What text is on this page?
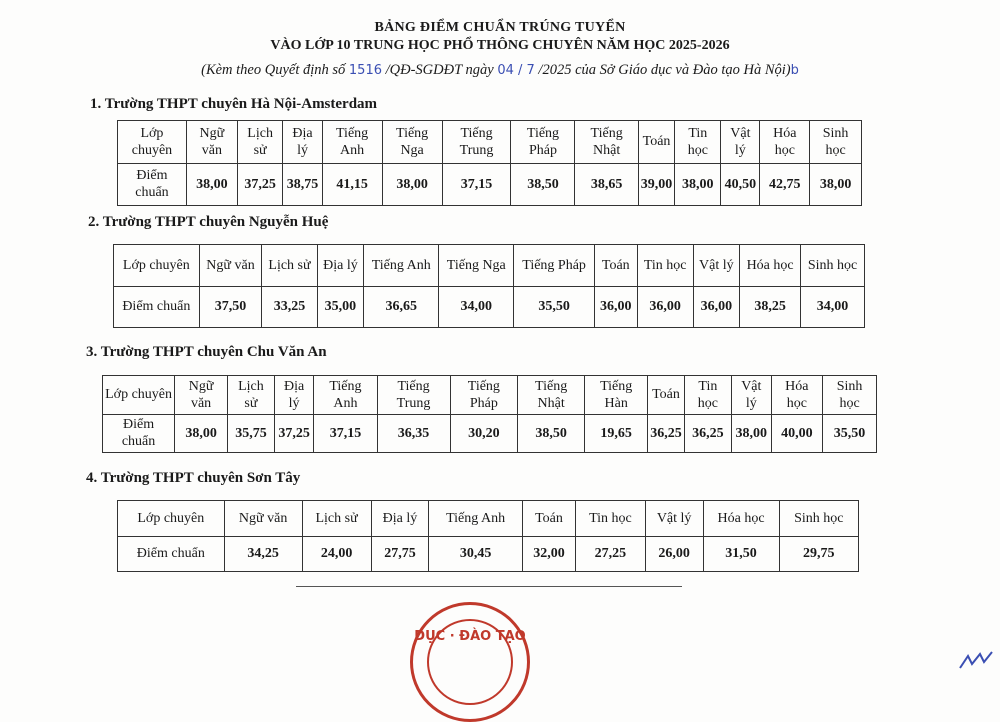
BẢNG ĐIỂM CHUẨN TRÚNG TUYỂN
VÀO LỚP 10 TRUNG HỌC PHỔ THÔNG CHUYÊN NĂM HỌC 2025-2026
(Kèm theo Quyết định số 1516 /QĐ-SGDĐT ngày 04 / 7 /2025 của Sở Giáo dục và Đào tạo Hà Nội)b
1. Trường THPT chuyên Hà Nội-Amsterdam
Lớp chuyên	Ngữ văn	Lịch sử	Địa lý	Tiếng Anh	Tiếng Nga	Tiếng Trung	Tiếng Pháp	Tiếng Nhật	Toán	Tin học	Vật lý	Hóa học	Sinh học
Điểm chuẩn	38,00	37,25	38,75	41,15	38,00	37,15	38,50	38,65	39,00	38,00	40,50	42,75	38,00
2. Trường THPT chuyên Nguyễn Huệ
Lớp chuyên	Ngữ văn	Lịch sử	Địa lý	Tiếng Anh	Tiếng Nga	Tiếng Pháp	Toán	Tin học	Vật lý	Hóa học	Sinh học
Điểm chuẩn	37,50	33,25	35,00	36,65	34,00	35,50	36,00	36,00	36,00	38,25	34,00
3. Trường THPT chuyên Chu Văn An
Lớp chuyên	Ngữ văn	Lịch sử	Địa lý	Tiếng Anh	Tiếng Trung	Tiếng Pháp	Tiếng Nhật	Tiếng Hàn	Toán	Tin học	Vật lý	Hóa học	Sinh học
Điểm chuẩn	38,00	35,75	37,25	37,15	36,35	30,20	38,50	19,65	36,25	36,25	38,00	40,00	35,50
4. Trường THPT chuyên Sơn Tây
Lớp chuyên	Ngữ văn	Lịch sử	Địa lý	Tiếng Anh	Toán	Tin học	Vật lý	Hóa học	Sinh học
Điểm chuẩn	34,25	24,00	27,75	30,45	32,00	27,25	26,00	31,50	29,75
DỤC · ĐÀO TẠO
